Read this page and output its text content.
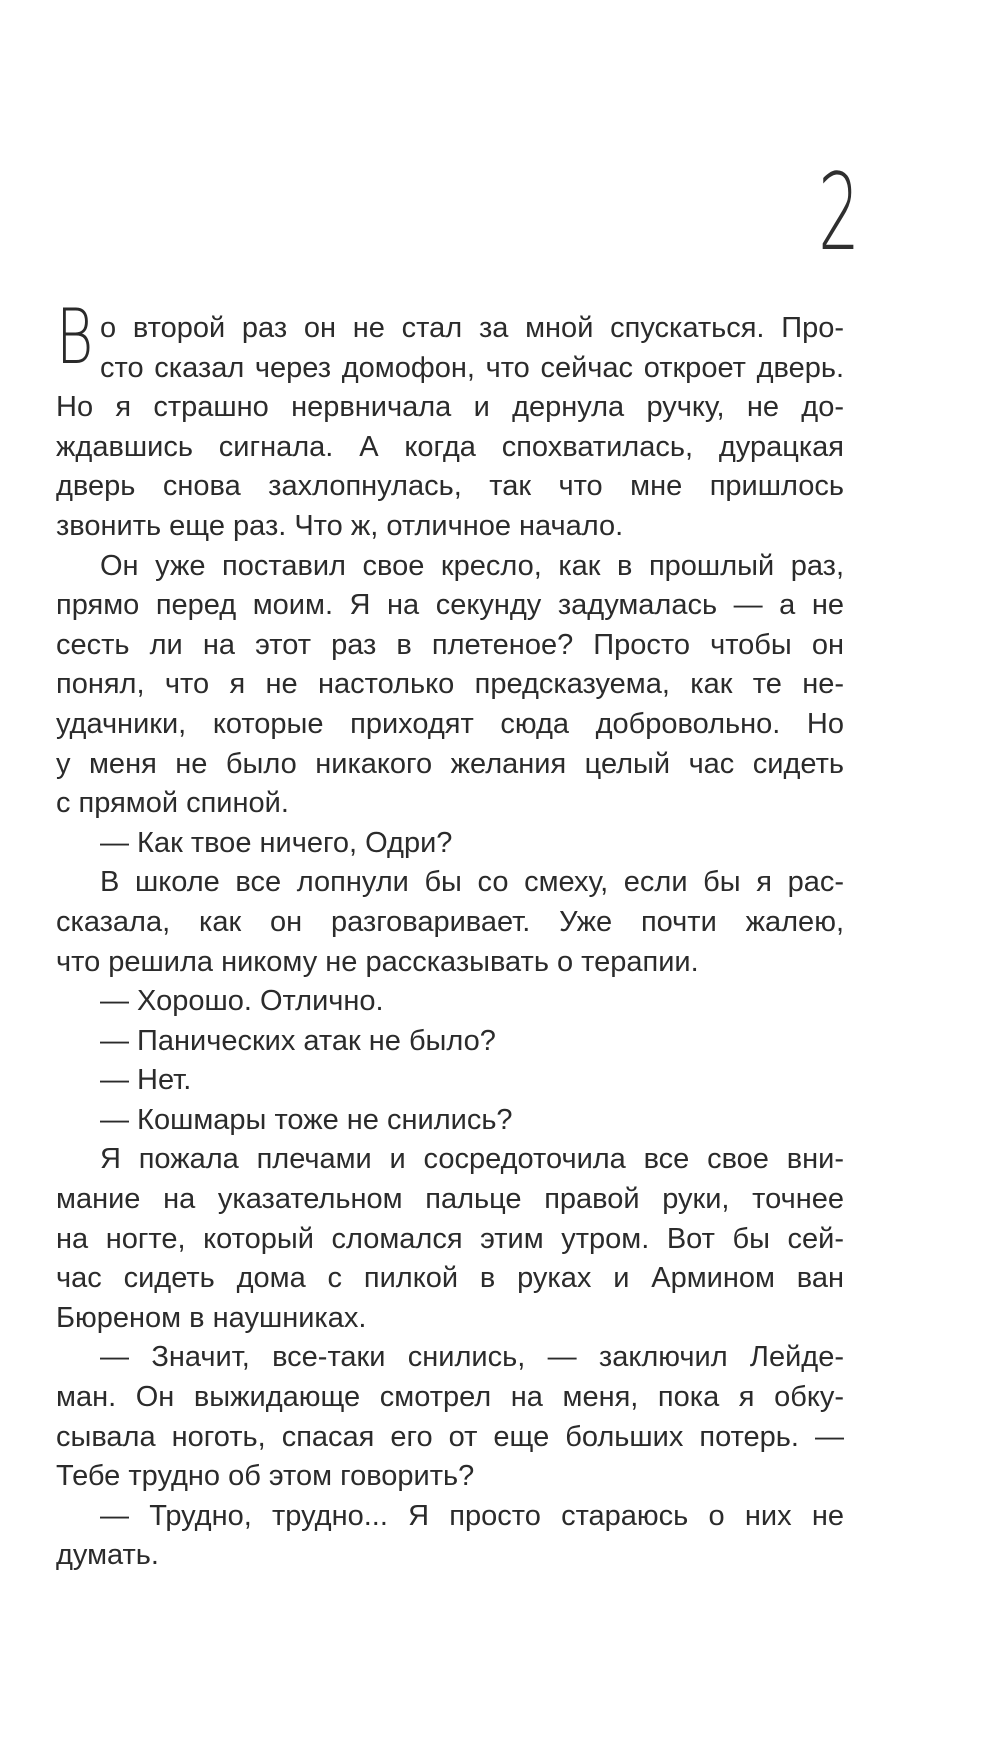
2
В о второй раз он не стал за мной спускаться. Про-
сто сказал через домофон, что сейчас откроет дверь.
Но я страшно нервничала и дернула ручку, не до-
ждавшись сигнала. А когда спохватилась, дурацкая
дверь снова захлопнулась, так что мне пришлось
звонить еще раз. Что ж, отличное начало.
Он уже поставил свое кресло, как в прошлый раз,
прямо перед моим. Я на секунду задумалась — а не
сесть ли на этот раз в плетеное? Просто чтобы он
понял, что я не настолько предсказуема, как те не-
удачники, которые приходят сюда добровольно. Но
у меня не было никакого желания целый час сидеть
с прямой спиной.
— Как твое ничего, Одри?
В школе все лопнули бы со смеху, если бы я рас-
сказала, как он разговаривает. Уже почти жалею,
что решила никому не рассказывать о терапии.
— Хорошо. Отлично.
— Панических атак не было?
— Нет.
— Кошмары тоже не снились?
Я пожала плечами и сосредоточила все свое вни-
мание на указательном пальце правой руки, точнее
на ногте, который сломался этим утром. Вот бы сей-
час сидеть дома с пилкой в руках и Армином ван
Бюреном в наушниках.
— Значит, все-таки снились, — заключил Лейде-
ман. Он выжидающе смотрел на меня, пока я обку-
сывала ноготь, спасая его от еще больших потерь. —
Тебе трудно об этом говорить?
— Трудно, трудно... Я просто стараюсь о них не
думать.
